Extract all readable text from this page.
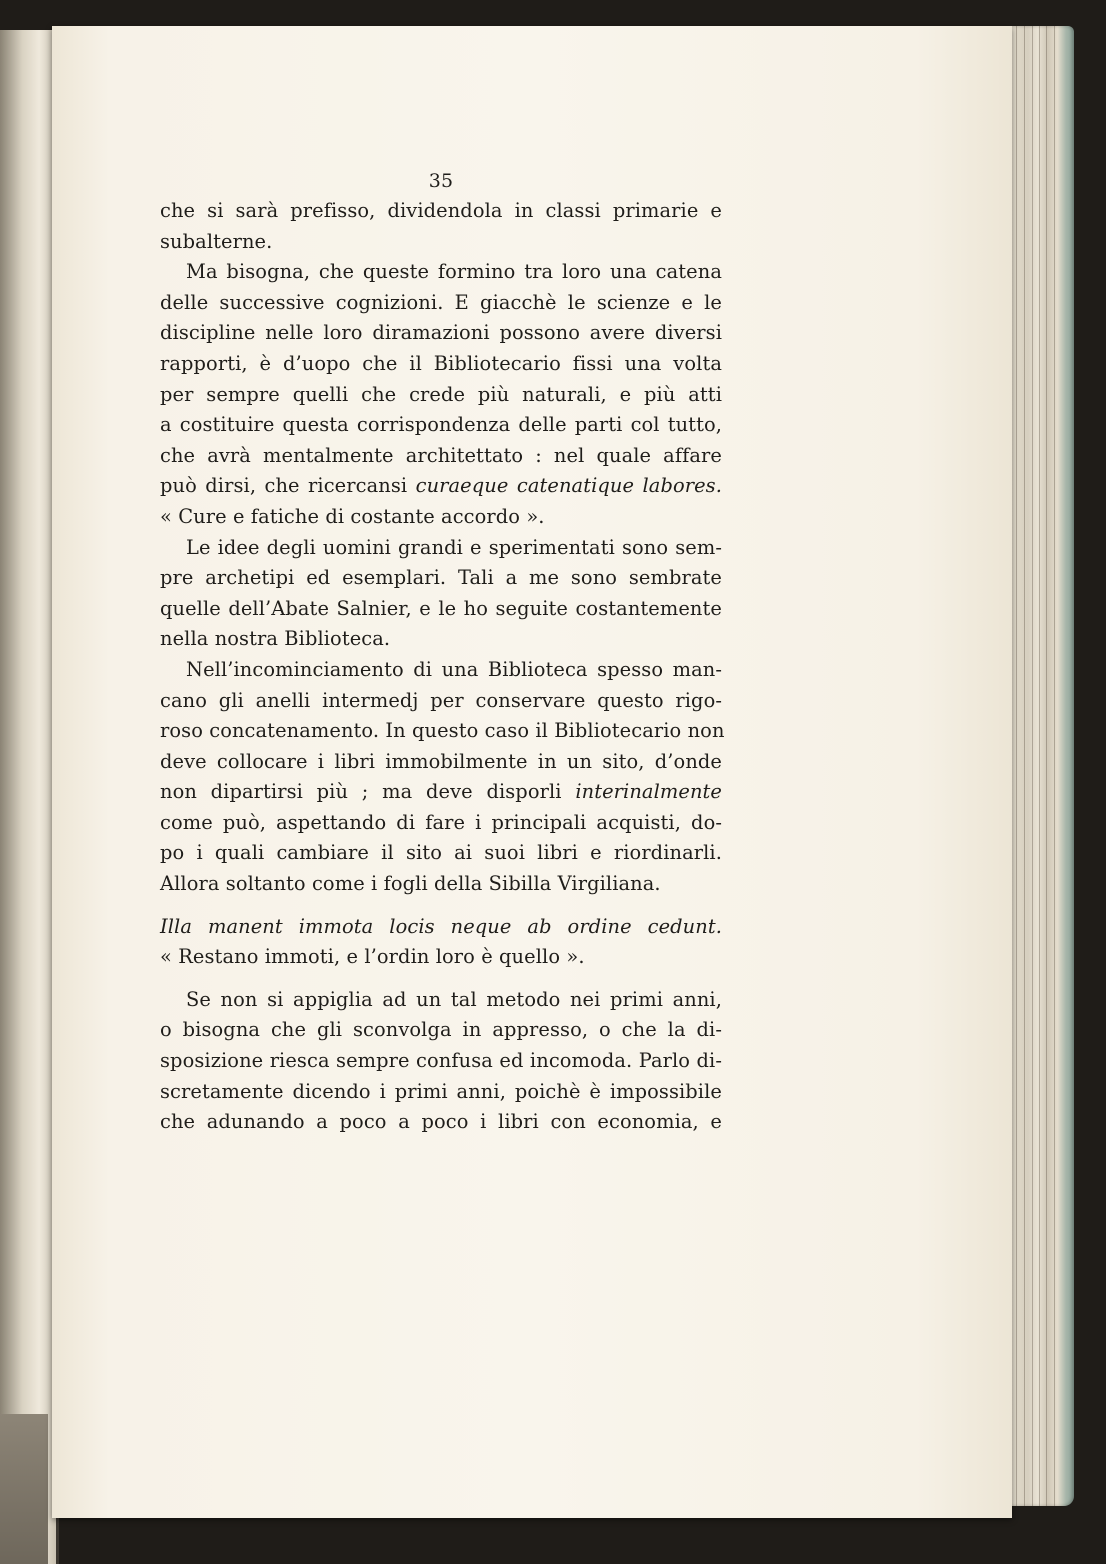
35

che si sarà prefisso, dividendola in classi primarie e

subalterne.

Ma bisogna, che queste formino tra loro una catena

delle successive cognizioni. E giacchè le scienze e le

discipline nelle loro diramazioni possono avere diversi

rapporti, è d’uopo che il Bibliotecario fissi una volta

per sempre quelli che crede più naturali, e più atti

a costituire questa corrispondenza delle parti col tutto,

che avrà mentalmente architettato : nel quale affare

può dirsi, che ricercansi curaeque catenatique labores.

« Cure e fatiche di costante accordo ».

Le idee degli uomini grandi e sperimentati sono sem-

pre archetipi ed esemplari. Tali a me sono sembrate

quelle dell’Abate Salnier, e le ho seguite costantemente

nella nostra Biblioteca.

Nell’incominciamento di una Biblioteca spesso man-

cano gli anelli intermedj per conservare questo rigo-

roso concatenamento. In questo caso il Bibliotecario non

deve collocare i libri immobilmente in un sito, d’onde

non dipartirsi più ; ma deve disporli interinalmente

come può, aspettando di fare i principali acquisti, do-

po i quali cambiare il sito ai suoi libri e riordinarli.

Allora soltanto come i fogli della Sibilla Virgiliana.

Illa manent immota locis neque ab ordine cedunt.

« Restano immoti, e l’ordin loro è quello ».

Se non si appiglia ad un tal metodo nei primi anni,

o bisogna che gli sconvolga in appresso, o che la di-

sposizione riesca sempre confusa ed incomoda. Parlo di-

scretamente dicendo i primi anni, poichè è impossibile

che adunando a poco a poco i libri con economia, e
